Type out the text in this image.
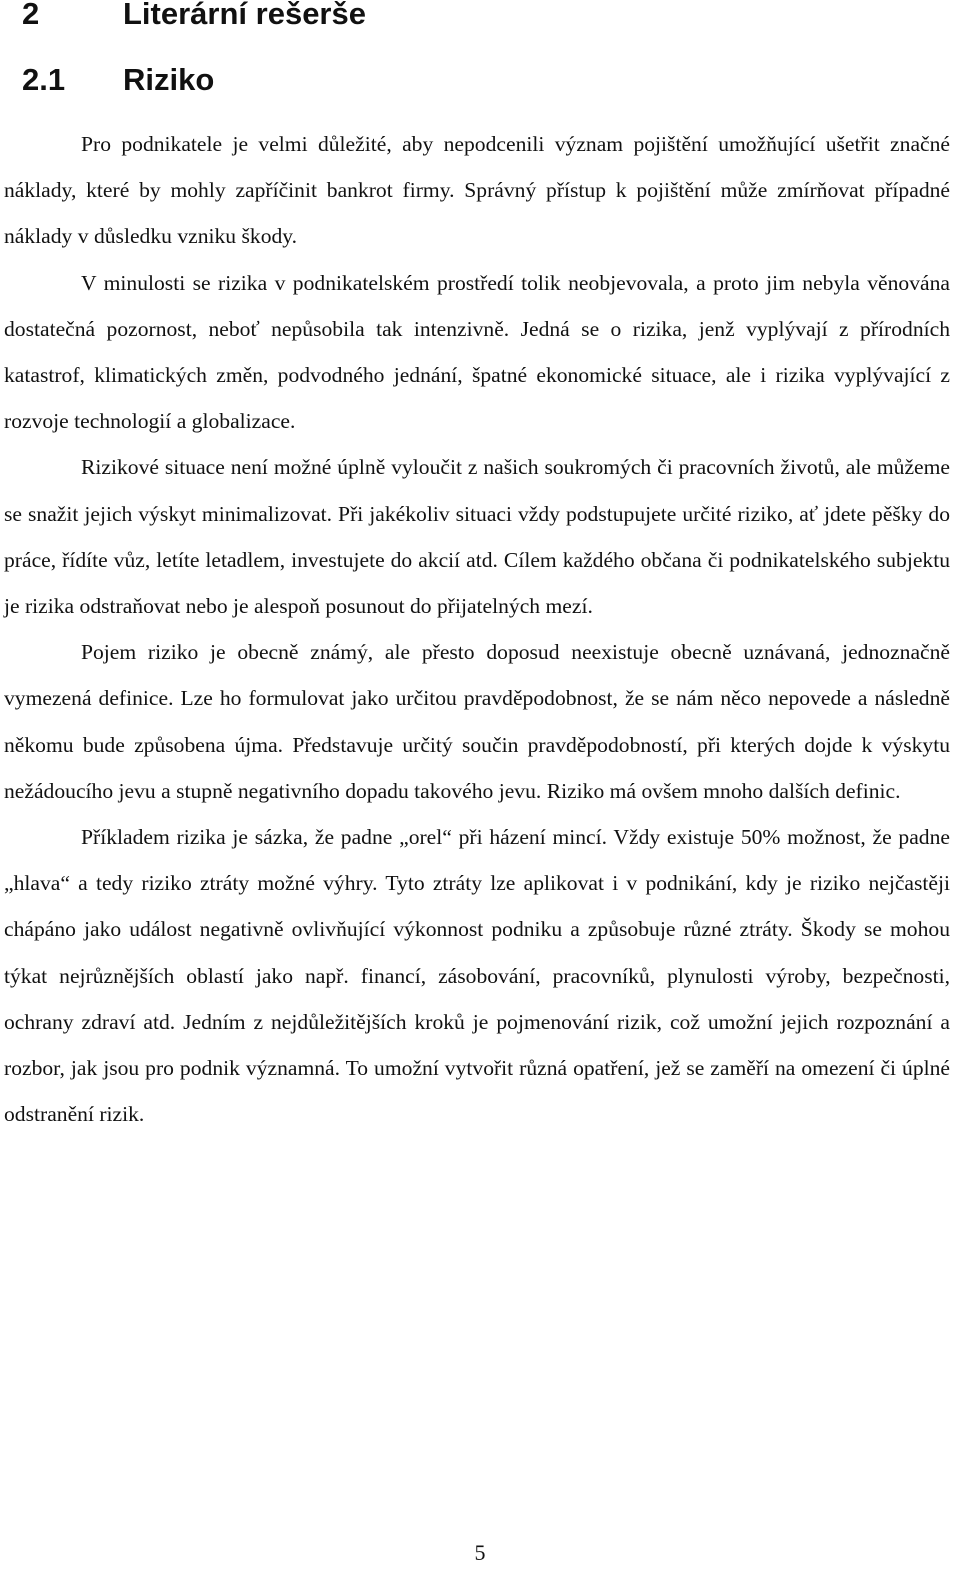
2	Literární rešerše
2.1 Riziko

Pro podnikatele je velmi důležité, aby nepodcenili význam pojištění umožňující ušetřit značné náklady, které by mohly zapříčinit bankrot firmy. Správný přístup k pojištění může zmírňovat případné náklady v důsledku vzniku škody.

V minulosti se rizika v podnikatelském prostředí tolik neobjevovala, a proto jim nebyla věnována dostatečná pozornost, neboť nepůsobila tak intenzivně. Jedná se o rizika, jenž vyplývají z přírodních katastrof, klimatických změn, podvodného jednání, špatné ekonomické situace, ale i rizika vyplývající z rozvoje technologií a globalizace.

Rizikové situace není možné úplně vyloučit z našich soukromých či pracovních životů, ale můžeme se snažit jejich výskyt minimalizovat. Při jakékoliv situaci vždy podstupujete určité riziko, ať jdete pěšky do práce, řídíte vůz, letíte letadlem, investujete do akcií atd. Cílem každého občana či podnikatelského subjektu je rizika odstraňovat nebo je alespoň posunout do přijatelných mezí.

Pojem riziko je obecně známý, ale přesto doposud neexistuje obecně uznávaná, jednoznačně vymezená definice. Lze ho formulovat jako určitou pravděpodobnost, že se nám něco nepovede a následně někomu bude způsobena újma. Představuje určitý součin pravděpodobností, při kterých dojde k výskytu nežádoucího jevu a stupně negativního dopadu takového jevu. Riziko má ovšem mnoho dalších definic.

Příkladem rizika je sázka, že padne „orel“ při házení mincí. Vždy existuje 50% možnost, že padne „hlava“ a tedy riziko ztráty možné výhry. Tyto ztráty lze aplikovat i v podnikání, kdy je riziko nejčastěji chápáno jako událost negativně ovlivňující výkonnost podniku a způsobuje různé ztráty. Škody se mohou týkat nejrůznějších oblastí jako např. financí, zásobování, pracovníků, plynulosti výroby, bezpečnosti, ochrany zdraví atd. Jedním z nejdůležitějších kroků je pojmenování rizik, což umožní jejich rozpoznání a rozbor, jak jsou pro podnik významná. To umožní vytvořit různá opatření, jež se zaměří na omezení či úplné odstranění rizik.

5
